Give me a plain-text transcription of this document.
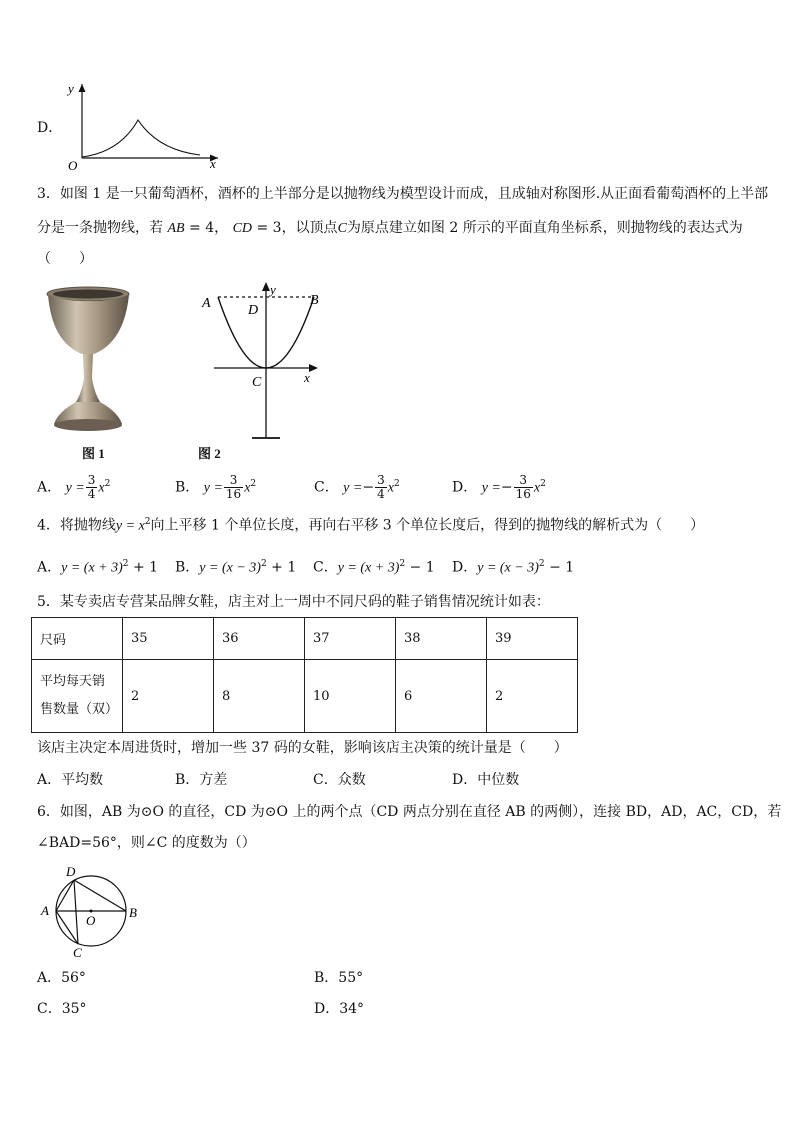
D．
y
x
O
3．如图 1 是一只葡萄酒杯，酒杯的上半部分是以抛物线为模型设计而成，且成轴对称图形.从正面看葡萄酒杯的上半部
分是一条抛物线，若 AB = 4， CD = 3，以顶点C为原点建立如图 2 所示的平面直角坐标系，则抛物线的表达式为
（　　）
图 1
A	B
D
y
C	x
图 2
A． $y = \frac{3}{4} x^2$	B． $y = \frac{3}{16} x^2$	C． $y =- \frac{3}{4} x^2$	D． $y =- \frac{3}{16} x^2$
4．将抛物线$y = x^2$向上平移 1 个单位长度，再向右平移 3 个单位长度后，得到的抛物线的解析式为（　　）
A．$y = (x + 3)^2 + 1$ B．$y = (x - 3)^2 + 1$ C．$y = (x + 3)^2 - 1$ D．$y = (x - 3)^2 - 1$
5．某专卖店专营某品牌女鞋，店主对上一周中不同尺码的鞋子销售情况统计如表：
尺码	35	36	37	38	39
平均每天销
售数量（双）	2	8	10	6	2
该店主决定本周进货时，增加一些 37 码的女鞋，影响该店主决策的统计量是（　　）
A．平均数	B．方差	C．众数	D．中位数
6．如图，AB 为⊙O 的直径，CD 为⊙O 上的两个点（CD 两点分别在直径 AB 的两侧），连接 BD，AD，AC，CD，若
∠BAD=56°，则∠C 的度数为（）
D
A	B
O
C
A．56°	B．55°
C．35°	D．34°
